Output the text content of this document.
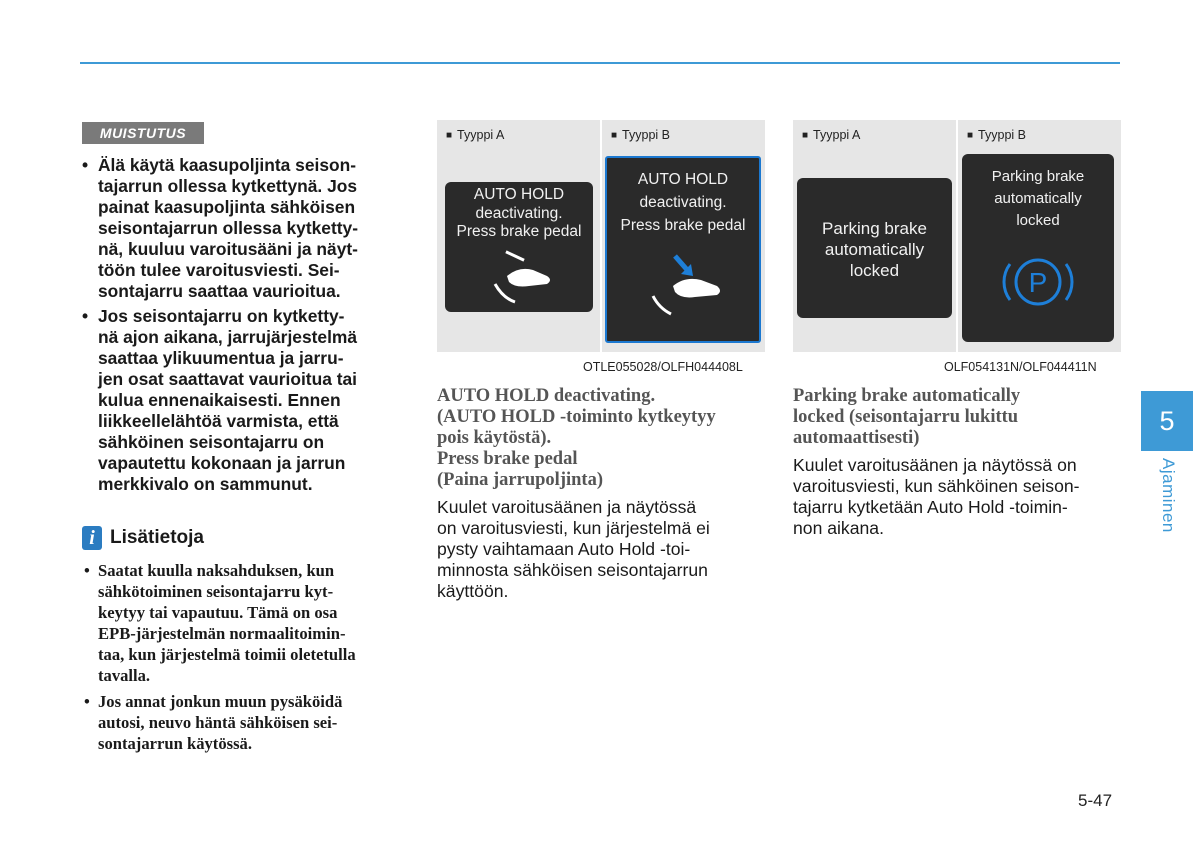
MUISTUTUS
• Älä käytä kaasupoljinta seison-
tajarrun ollessa kytkettynä. Jos
painat kaasupoljinta sähköisen
seisontajarrun ollessa kytketty-
nä, kuuluu varoitusääni ja näyt-
töön tulee varoitusviesti. Sei-
sontajarru saattaa vaurioitua.
• Jos seisontajarru on kytketty-
nä ajon aikana, jarrujärjestelmä
saattaa ylikuumentua ja jarru-
jen osat saattavat vaurioitua tai
kulua ennenaikaisesti. Ennen
liikkeellelähtöä varmista, että
sähköinen seisontajarru on
vapautettu kokonaan ja jarrun
merkkivalo on sammunut.
i Lisätietoja
• Saatat kuulla naksahduksen, kun
sähkötoiminen seisontajarru kyt-
keytyy tai vapautuu. Tämä on osa
EPB-järjestelmän normaalitoimin-
taa, kun järjestelmä toimii oletetulla
tavalla.
• Jos annat jonkun muun pysäköidä
autosi, neuvo häntä sähköisen sei-
sontajarrun käytössä.
■ Tyyppi A
AUTO HOLD
deactivating.
Press brake pedal
■ Tyyppi B
AUTO HOLD
deactivating.
Press brake pedal
OTLE055028/OLFH044408L
■ Tyyppi A
Parking brake
automatically
locked
■ Tyyppi B
Parking brake
automatically
locked
P
OLF054131N/OLF044411N
AUTO HOLD deactivating.
(AUTO HOLD -toiminto kytkeytyy
pois käytöstä).
Press brake pedal
(Paina jarrupoljinta)
Kuulet varoitusäänen ja näytössä
on varoitusviesti, kun järjestelmä ei
pysty vaihtamaan Auto Hold -toi-
minnosta sähköisen seisontajarrun
käyttöön.
Parking brake automatically
locked (seisontajarru lukittu
automaattisesti)
Kuulet varoitusäänen ja näytössä on
varoitusviesti, kun sähköinen seison-
tajarru kytketään Auto Hold -toimin-
non aikana.
5
Ajaminen
5-47
